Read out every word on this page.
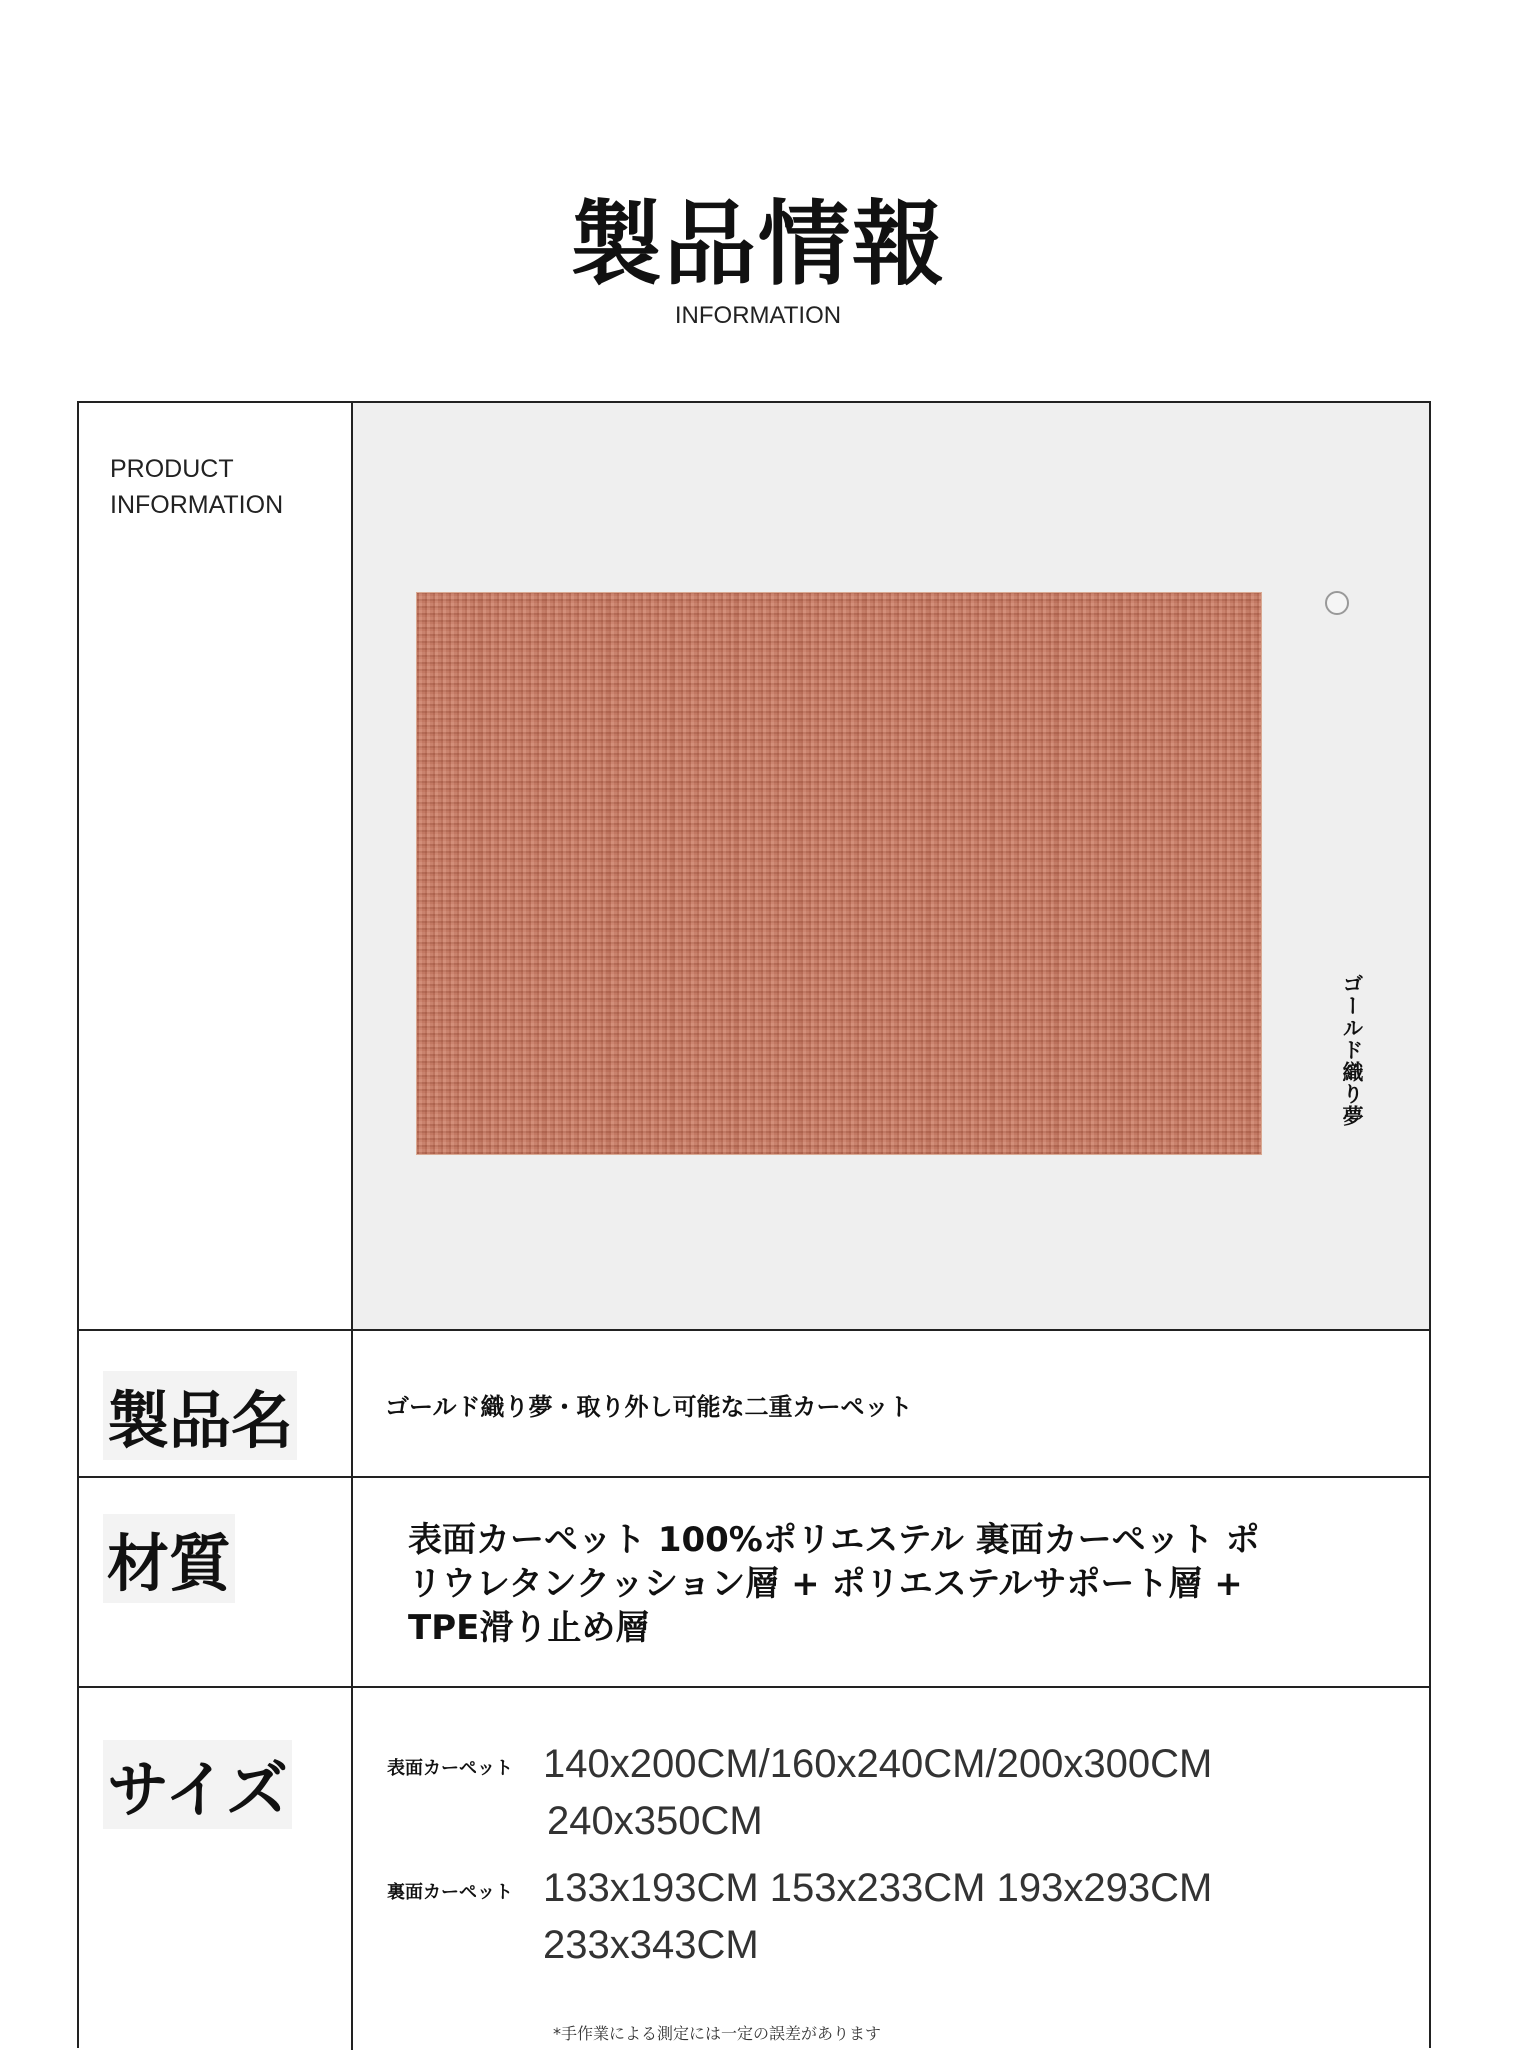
製品情報
INFORMATION
PRODUCT
INFORMATION
ゴールド織り夢
製品名	ゴールド織り夢・取り外し可能な二重カーペット
材質	表面カーペット 100%ポリエステル 裏面カーペット ポリウレタンクッション層 + ポリエステルサポート層 + TPE滑り止め層
サイズ	表面カーペット 140x200CM/160x240CM/200x300CM
240x350CM
裏面カーペット 133x193CM 153x233CM 193x293CM
233x343CM
*手作業による測定には一定の誤差があります
